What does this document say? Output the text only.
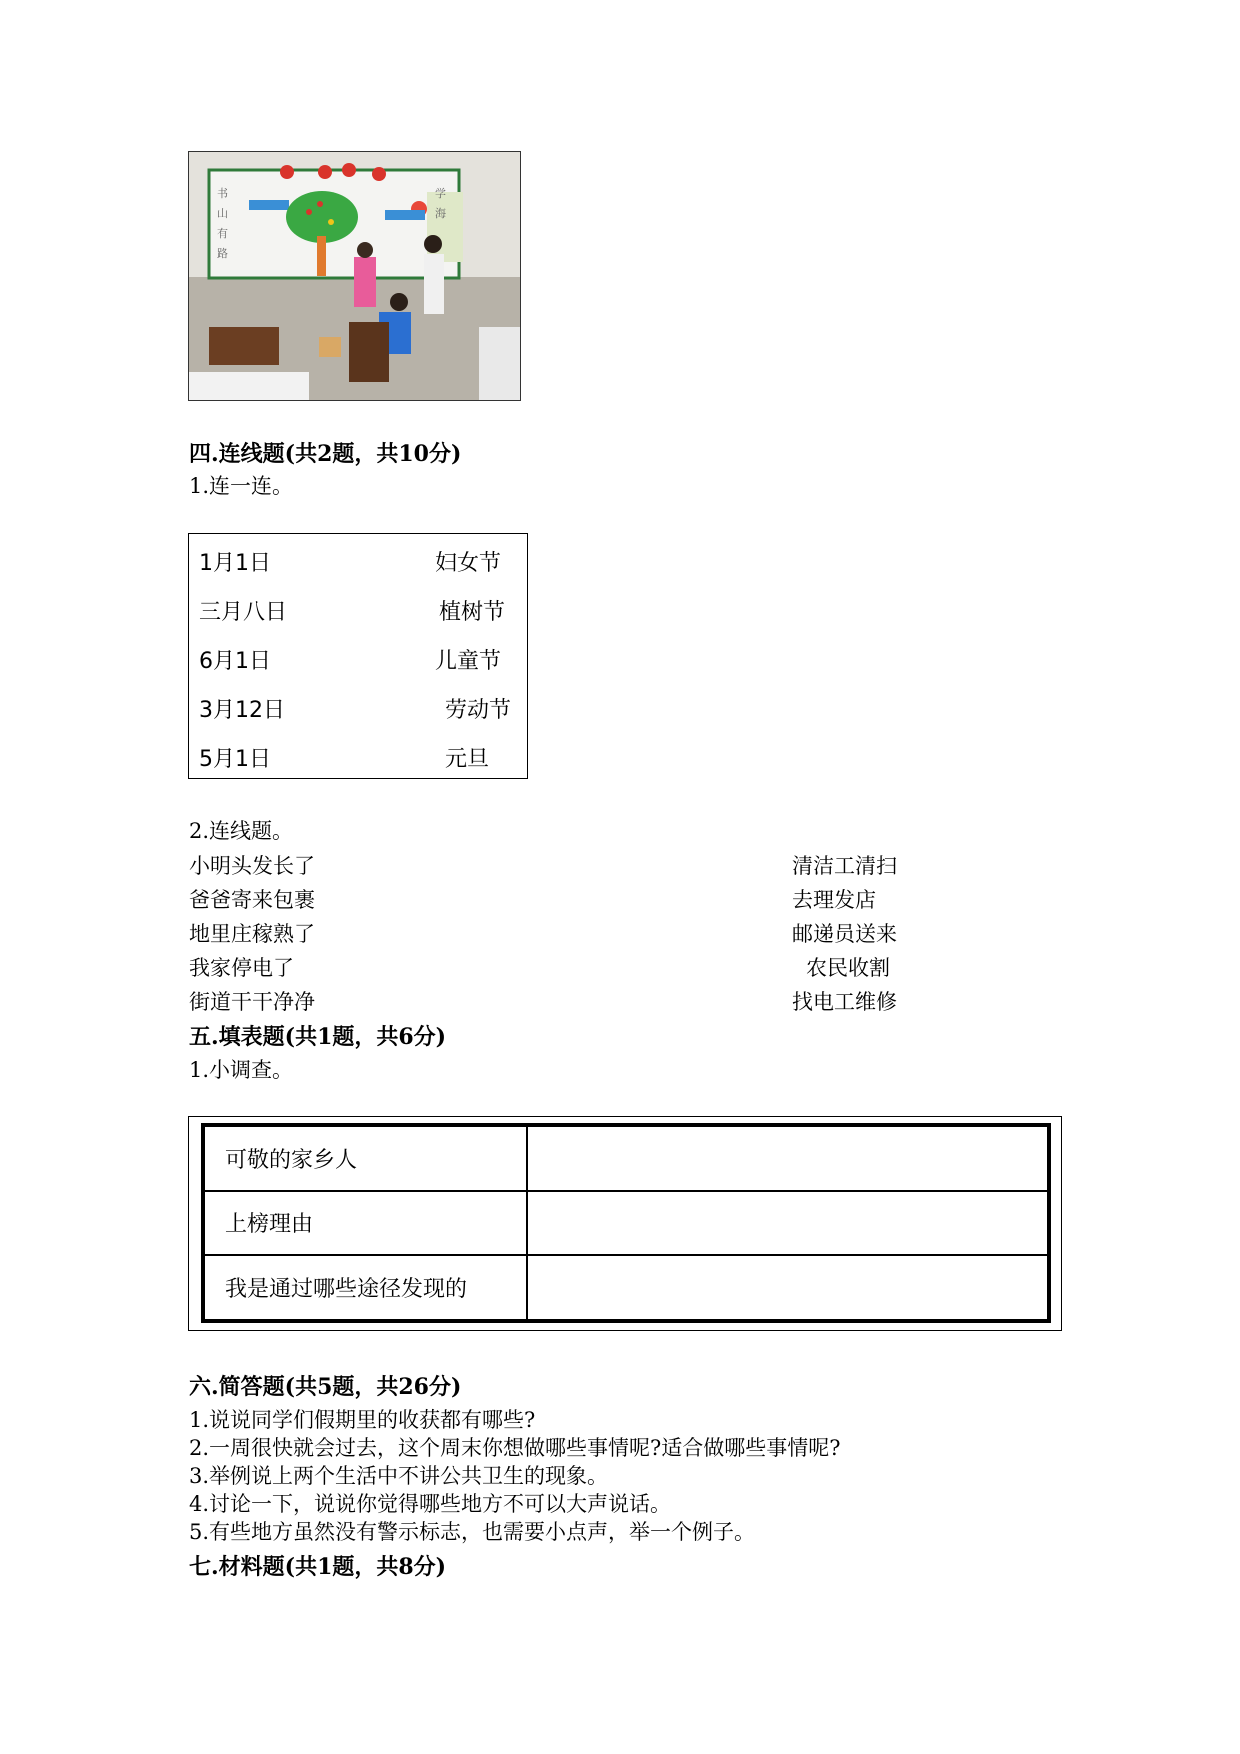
书
山
有
路
学
海
四.连线题(共2题，共10分)
1.连一连。
1月1日	妇女节
三月八日	植树节
6月1日	儿童节
3月12日	劳动节
5月1日	元旦
2.连线题。
小明头发长了	清洁工清扫
爸爸寄来包裹	去理发店
地里庄稼熟了	邮递员送来
我家停电了	农民收割
街道干干净净	找电工维修
五.填表题(共1题，共6分)
1.小调查。
可敬的家乡人	
上榜理由	
我是通过哪些途径发现的	
六.简答题(共5题，共26分)
1.说说同学们假期里的收获都有哪些?
2.一周很快就会过去，这个周末你想做哪些事情呢?适合做哪些事情呢?
3.举例说上两个生活中不讲公共卫生的现象。
4.讨论一下，说说你觉得哪些地方不可以大声说话。
5.有些地方虽然没有警示标志，也需要小点声，举一个例子。
七.材料题(共1题，共8分)
